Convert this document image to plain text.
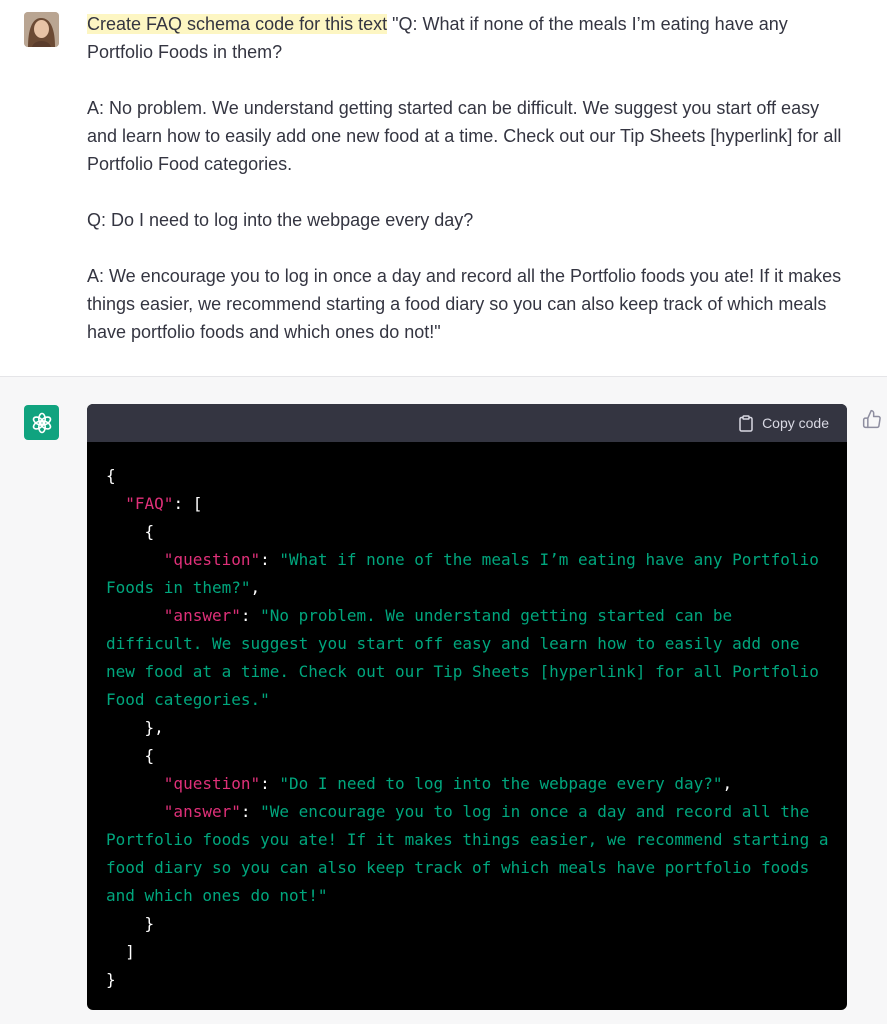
Create FAQ schema code for this text "Q: What if none of the meals I’m eating have any Portfolio Foods in them?

A: No problem. We understand getting started can be difficult. We suggest you start off easy and learn how to easily add one new food at a time. Check out our Tip Sheets [hyperlink] for all Portfolio Food categories.

Q: Do I need to log into the webpage every day?

A: We encourage you to log in once a day and record all the Portfolio foods you ate! If it makes things easier, we recommend starting a food diary so you can also keep track of which meals have portfolio foods and which ones do not!"

Copy code
{
"FAQ": [
{
"question": "What if none of the meals I’m eating have any Portfolio Foods in them?",
"answer": "No problem. We understand getting started can be difficult. We suggest you start off easy and learn how to easily add one new food at a time. Check out our Tip Sheets [hyperlink] for all Portfolio Food categories."
},
{
"question": "Do I need to log into the webpage every day?",
"answer": "We encourage you to log in once a day and record all the Portfolio foods you ate! If it makes things easier, we recommend starting a food diary so you can also keep track of which meals have portfolio foods and which ones do not!"
}
]
}
